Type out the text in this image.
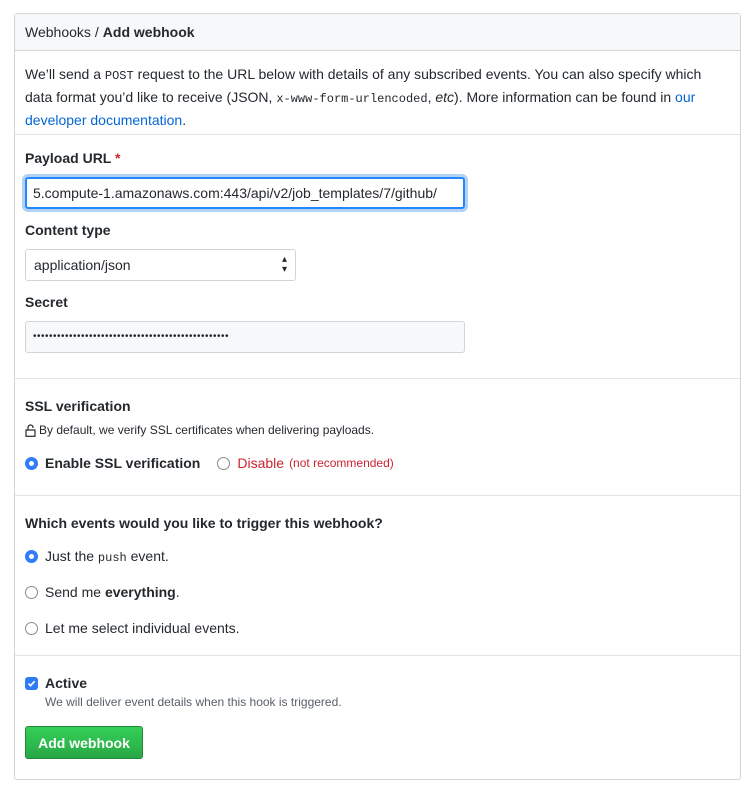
Webhooks / Add webhook
We’ll send a POST request to the URL below with details of any subscribed events. You can also specify which data format you’d like to receive (JSON, x-www-form-urlencoded, etc). More information can be found in our developer documentation.
Payload URL *
5.compute-1.amazonaws.com:443/api/v2/job_templates/7/github/
Content type
application/json	▴
▾
Secret
•••••••••••••••••••••••••••••••••••••••••••••••••
SSL verification
By default, we verify SSL certificates when delivering payloads.
Enable SSL verification	Disable (not recommended)
Which events would you like to trigger this webhook?
Just the push event.
Send me everything.
Let me select individual events.
Active
We will deliver event details when this hook is triggered.
Add webhook
